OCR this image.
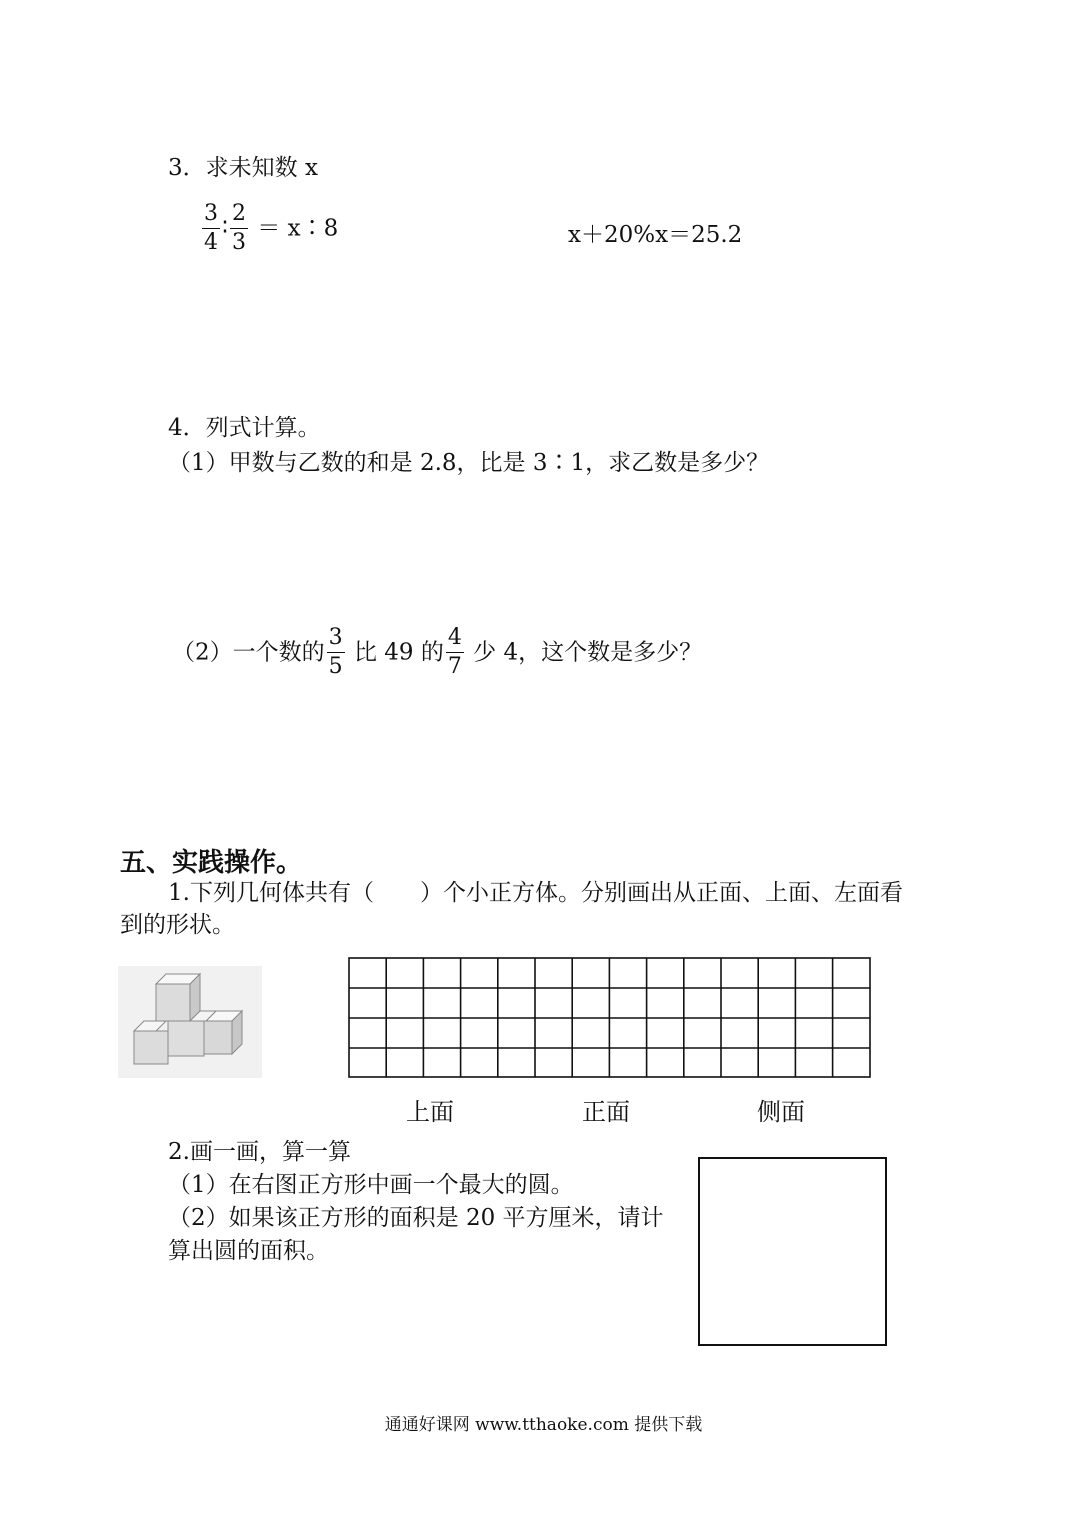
3．求未知数 x
$\frac{3}{4}$ ∶ $\frac{2}{3}$ ＝ x∶8	x＋20%x＝25.2
4．列式计算。
（1）甲数与乙数的和是 2.8，比是 3∶1，求乙数是多少？
（2）一个数的 $\frac{3}{5}$ 比 49 的 $\frac{4}{7}$ 少 4，这个数是多少？
五、实践操作。
1.下列几何体共有（　　）个小正方体。分别画出从正面、上面、左面看
到的形状。
上面	正面	侧面
2.画一画，算一算
（1）在右图正方形中画一个最大的圆。
（2）如果该正方形的面积是 20 平方厘米，请计
算出圆的面积。
通通好课网 www.tthaoke.com 提供下载
